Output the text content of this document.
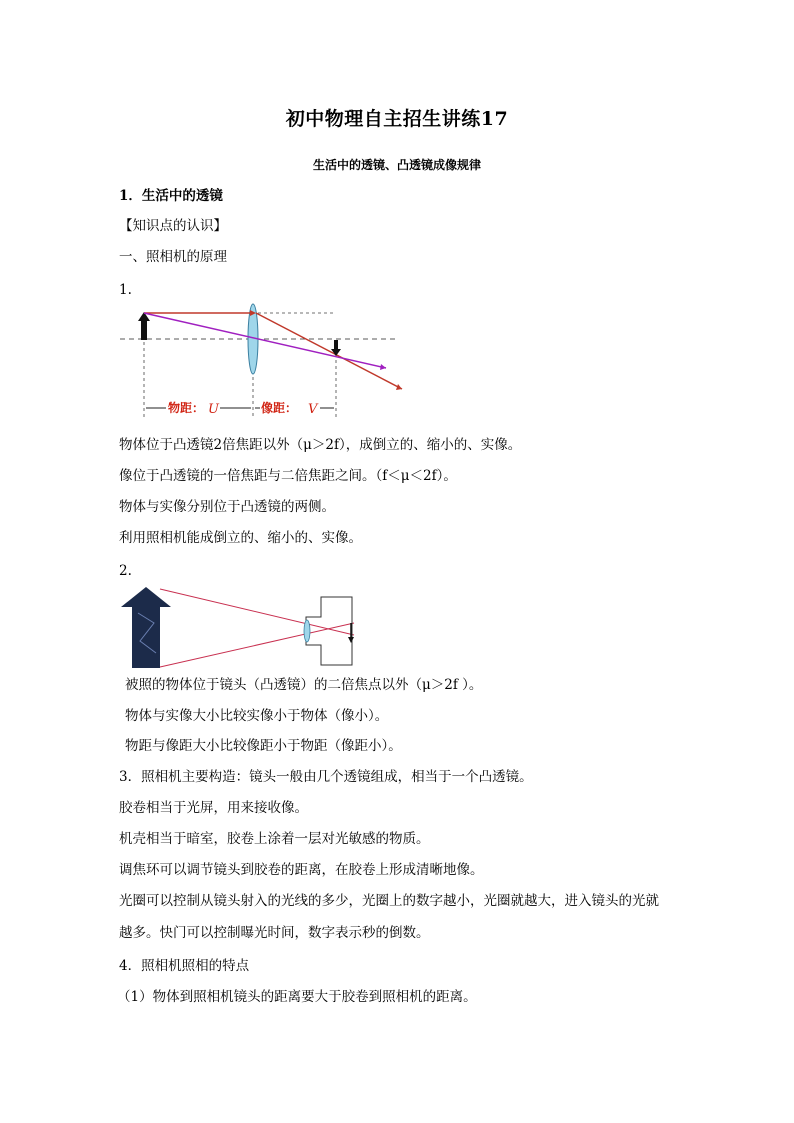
初中物理自主招生讲练17
生活中的透镜、凸透镜成像规律
1．生活中的透镜
【知识点的认识】
一、照相机的原理
1.
物距： U	像距： V
物体位于凸透镜2倍焦距以外（μ＞2f），成倒立的、缩小的、实像。
像位于凸透镜的一倍焦距与二倍焦距之间。（f＜μ＜2f）。
物体与实像分别位于凸透镜的两侧。
利用照相机能成倒立的、缩小的、实像。
2.
被照的物体位于镜头（凸透镜）的二倍焦点以外（μ＞2f ）。
物体与实像大小比较实像小于物体（像小）。
物距与像距大小比较像距小于物距（像距小）。
3．照相机主要构造：镜头一般由几个透镜组成，相当于一个凸透镜。
胶卷相当于光屏，用来接收像。
机壳相当于暗室，胶卷上涂着一层对光敏感的物质。
调焦环可以调节镜头到胶卷的距离，在胶卷上形成清晰地像。
光圈可以控制从镜头射入的光线的多少，光圈上的数字越小，光圈就越大，进入镜头的光就
越多。快门可以控制曝光时间，数字表示秒的倒数。
4．照相机照相的特点
（1）物体到照相机镜头的距离要大于胶卷到照相机的距离。
